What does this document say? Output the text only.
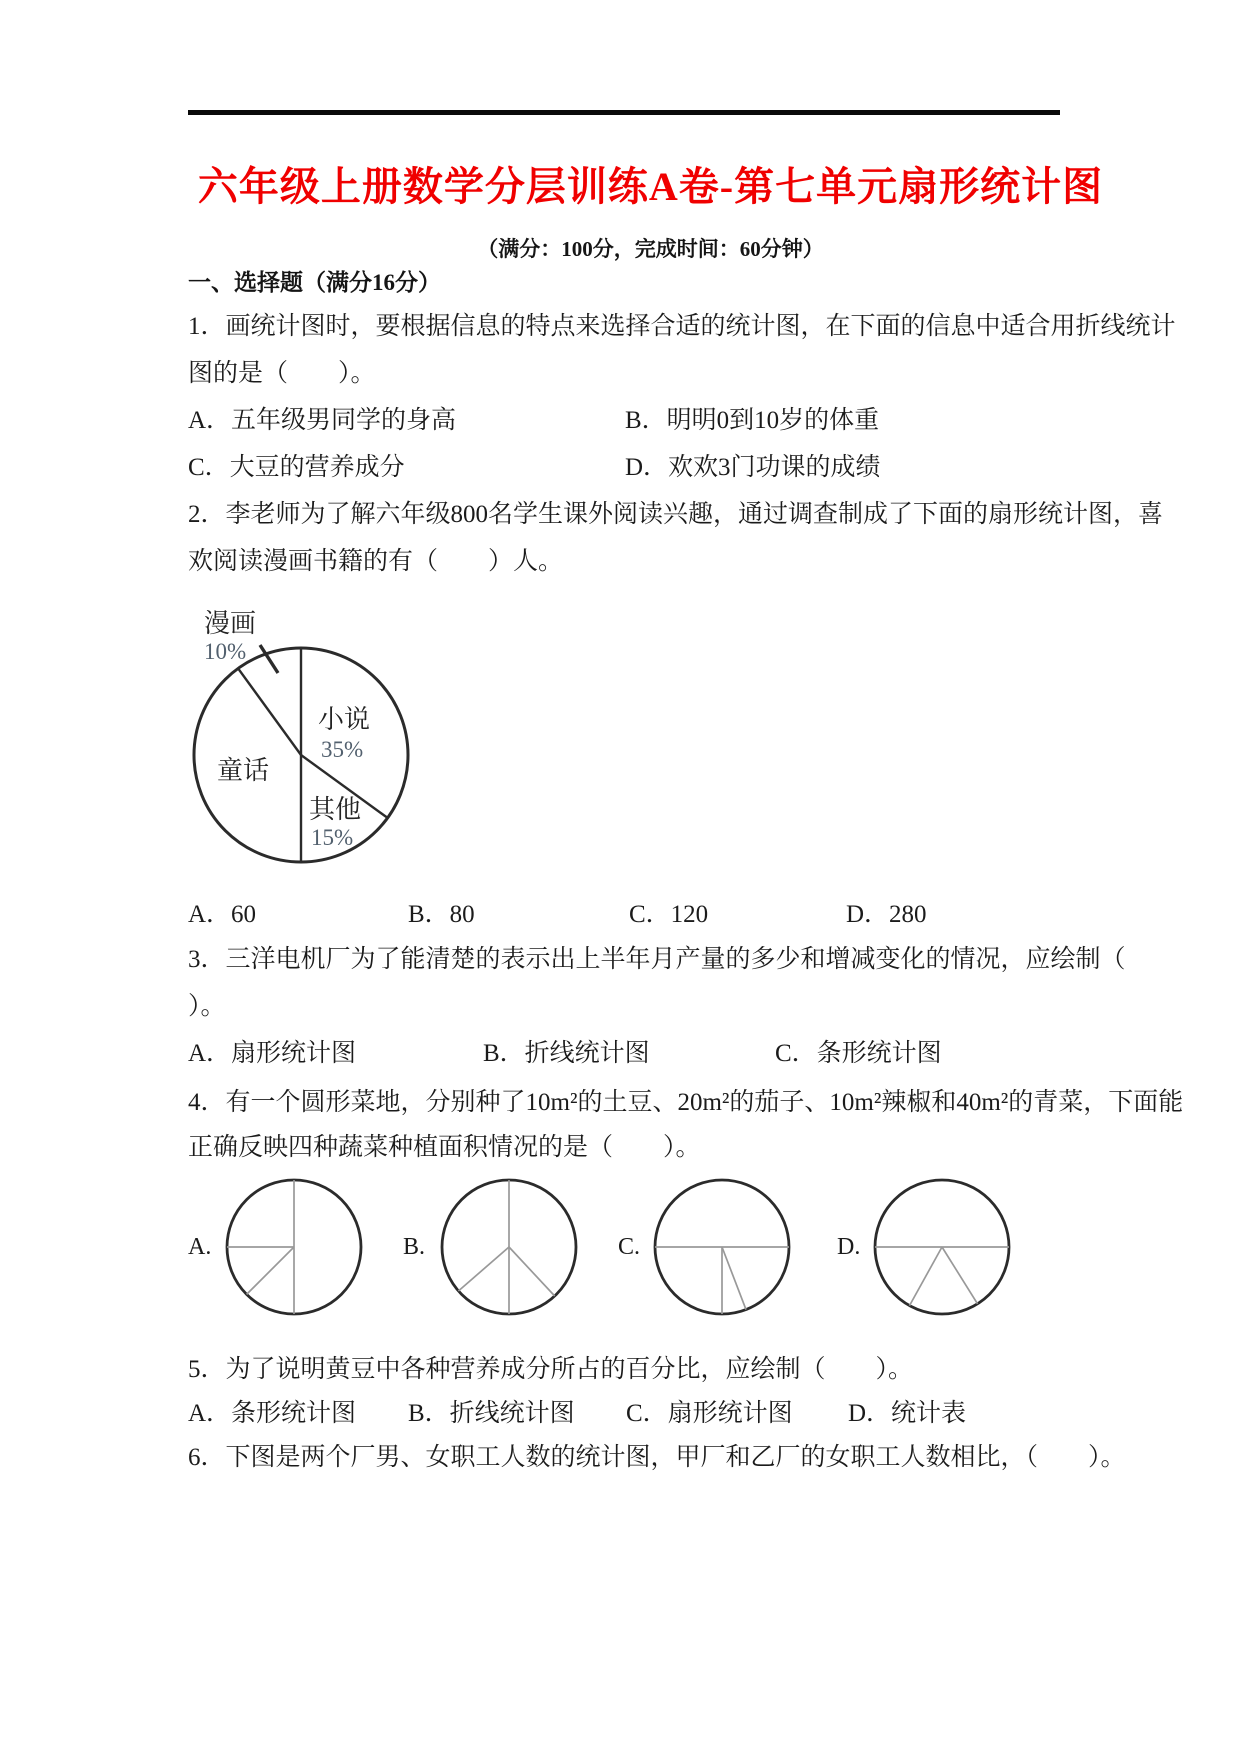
六年级上册数学分层训练A卷-第七单元扇形统计图
（满分：100分，完成时间：60分钟）
一、选择题（满分16分）
1．画统计图时，要根据信息的特点来选择合适的统计图，在下面的信息中适合用折线统计
图的是（        ）。
A．五年级男同学的身高	B．明明0到10岁的体重
C．大豆的营养成分	D．欢欢3门功课的成绩
2．李老师为了解六年级800名学生课外阅读兴趣，通过调查制成了下面的扇形统计图，喜
欢阅读漫画书籍的有（        ）人。
漫画
10%
小说
35%
童话
其他
15%
A．60	B．80	C．120	D．280
3．三洋电机厂为了能清楚的表示出上半年月产量的多少和增减变化的情况，应绘制（
）。
A．扇形统计图	B．折线统计图	C．条形统计图
4．有一个圆形菜地，分别种了10m²的土豆、20m²的茄子、10m²辣椒和40m²的青菜，下面能
正确反映四种蔬菜种植面积情况的是（        ）。
A.	B.	C.	D.
5．为了说明黄豆中各种营养成分所占的百分比，应绘制（        ）。
A．条形统计图 B．折线统计图 C．扇形统计图 D．统计表
6．下图是两个厂男、女职工人数的统计图，甲厂和乙厂的女职工人数相比，（        ）。
